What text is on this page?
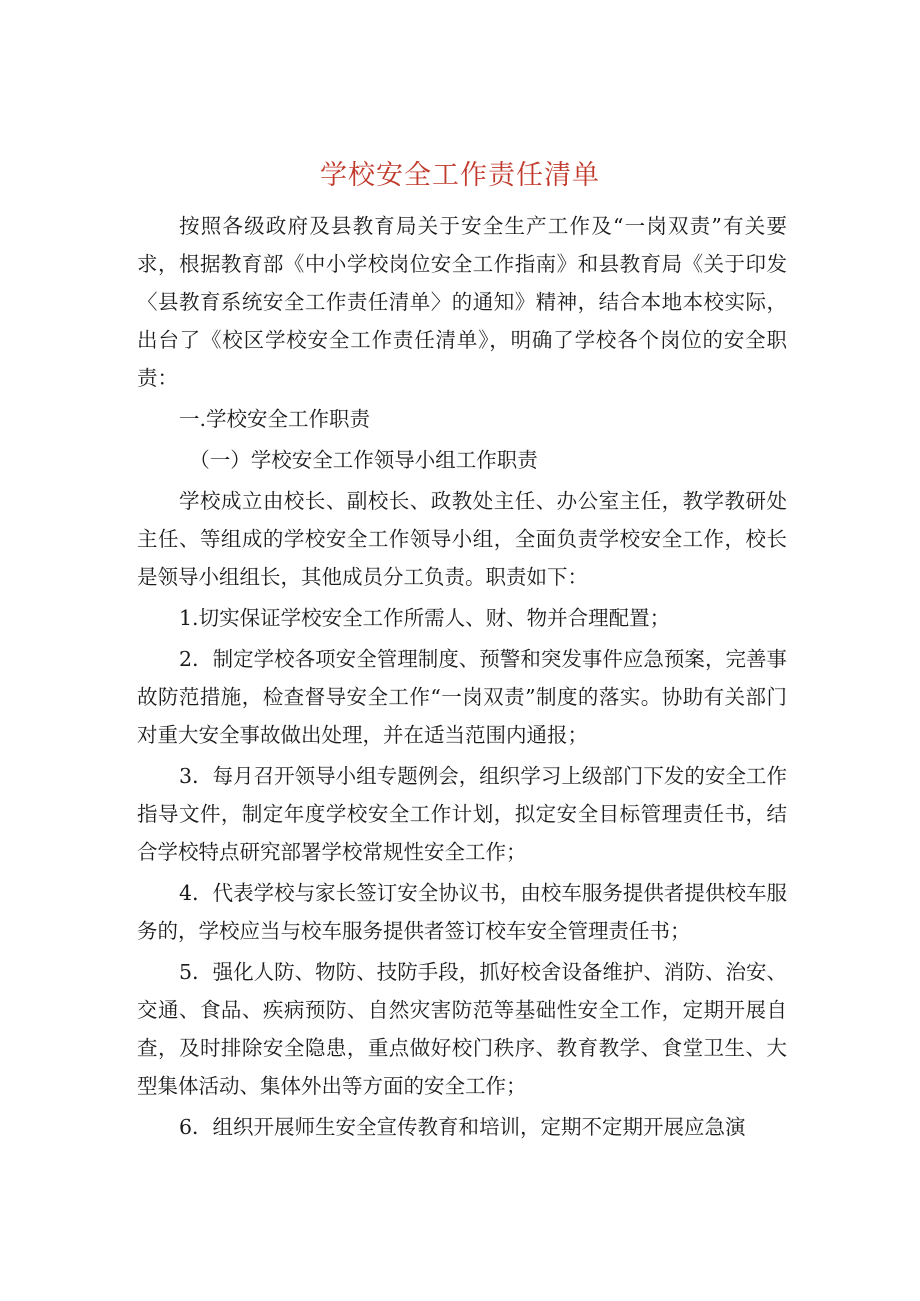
学校安全工作责任清单

按照各级政府及县教育局关于安全生产工作及“一岗双责”有关要求，根据教育部《中小学校岗位安全工作指南》和县教育局《关于印发〈县教育系统安全工作责任清单〉的通知》精神，结合本地本校实际，出台了《校区学校安全工作责任清单》，明确了学校各个岗位的安全职责：

一.学校安全工作职责

（一）学校安全工作领导小组工作职责

学校成立由校长、副校长、政教处主任、办公室主任，教学教研处主任、等组成的学校安全工作领导小组，全面负责学校安全工作，校长是领导小组组长，其他成员分工负责。职责如下：

1.切实保证学校安全工作所需人、财、物并合理配置；

2．制定学校各项安全管理制度、预警和突发事件应急预案，完善事故防范措施，检查督导安全工作“一岗双责”制度的落实。协助有关部门对重大安全事故做出处理，并在适当范围内通报；

3．每月召开领导小组专题例会，组织学习上级部门下发的安全工作指导文件，制定年度学校安全工作计划，拟定安全目标管理责任书，结合学校特点研究部署学校常规性安全工作；

4．代表学校与家长签订安全协议书，由校车服务提供者提供校车服务的，学校应当与校车服务提供者签订校车安全管理责任书；

5．强化人防、物防、技防手段，抓好校舍设备维护、消防、治安、交通、食品、疾病预防、自然灾害防范等基础性安全工作，定期开展自查，及时排除安全隐患，重点做好校门秩序、教育教学、食堂卫生、大型集体活动、集体外出等方面的安全工作；

6．组织开展师生安全宣传教育和培训，定期不定期开展应急演
